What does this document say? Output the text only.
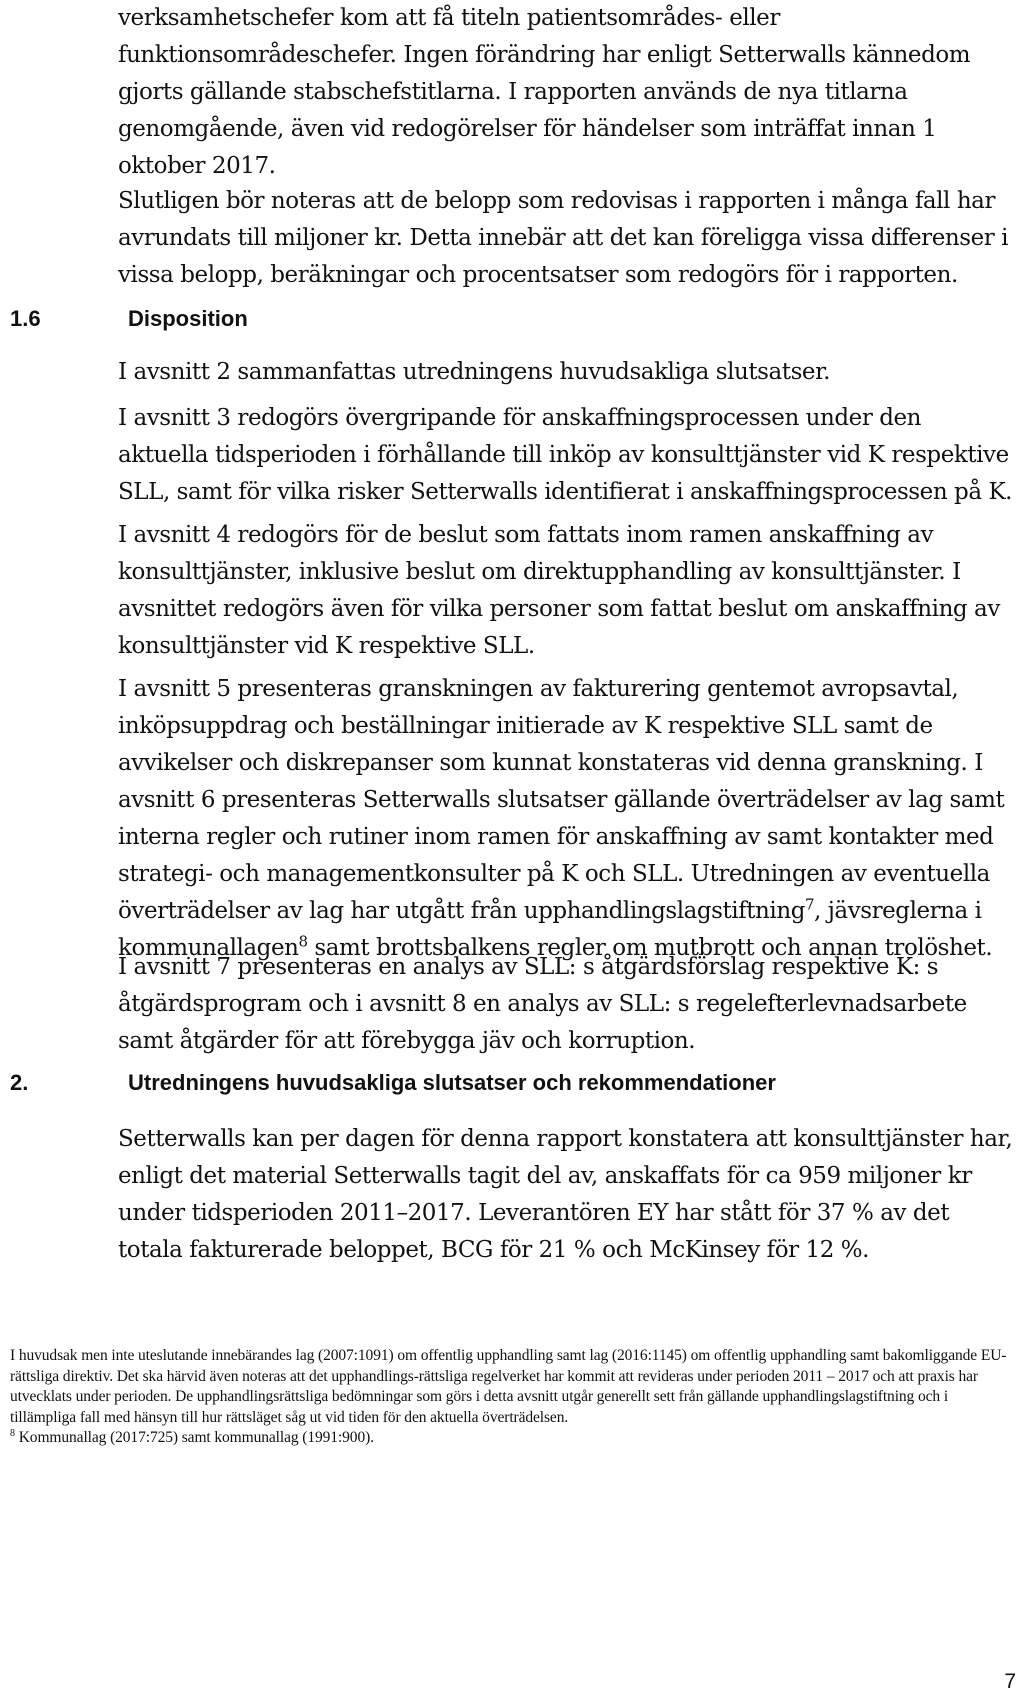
verksamhetschefer kom att få titeln patientsområdes- eller funktionsområdeschefer. Ingen förändring har enligt Setterwalls kännedom gjorts gällande stabschefstitlarna. I rapporten används de nya titlarna genomgående, även vid redogörelser för händelser som inträffat innan 1 oktober 2017.

Slutligen bör noteras att de belopp som redovisas i rapporten i många fall har avrundats till miljoner kr. Detta innebär att det kan föreligga vissa differenser i vissa belopp, beräkningar och procentsatser som redogörs för i rapporten.

1.6	Disposition

I avsnitt 2 sammanfattas utredningens huvudsakliga slutsatser.

I avsnitt 3 redogörs övergripande för anskaffningsprocessen under den aktuella tidsperioden i förhållande till inköp av konsulttjänster vid K respektive SLL, samt för vilka risker Setterwalls identifierat i anskaffningsprocessen på K.

I avsnitt 4 redogörs för de beslut som fattats inom ramen anskaffning av konsulttjänster, inklusive beslut om direktupphandling av konsulttjänster. I avsnittet redogörs även för vilka personer som fattat beslut om anskaffning av konsulttjänster vid K respektive SLL.

I avsnitt 5 presenteras granskningen av fakturering gentemot avropsavtal, inköpsuppdrag och beställningar initierade av K respektive SLL samt de avvikelser och diskrepanser som kunnat konstateras vid denna granskning. I avsnitt 6 presenteras Setterwalls slutsatser gällande överträdelser av lag samt interna regler och rutiner inom ramen för anskaffning av samt kontakter med strategi- och managementkonsulter på K och SLL. Utredningen av eventuella överträdelser av lag har utgått från upphandlingslagstiftning$^7$, jävsreglerna i kommunallagen$^8$ samt brottsbalkens regler om mutbrott och annan trolöshet.

I avsnitt 7 presenteras en analys av SLL: s åtgärdsförslag respektive K: s åtgärdsprogram och i avsnitt 8 en analys av SLL: s regelefterlevnadsarbete samt åtgärder för att förebygga jäv och korruption.

2.	Utredningens huvudsakliga slutsatser och rekommendationer

Setterwalls kan per dagen för denna rapport konstatera att konsulttjänster har, enligt det material Setterwalls tagit del av, anskaffats för ca 959 miljoner kr under tidsperioden 2011–2017. Leverantören EY har stått för 37 % av det totala fakturerade beloppet, BCG för 21 % och McKinsey för 12 %.

I huvudsak men inte uteslutande innebärandes lag (2007:1091) om offentlig upphandling samt lag (2016:1145) om offentlig upphandling samt bakomliggande EU-rättsliga direktiv. Det ska härvid även noteras att det upphandlings-rättsliga regelverket har kommit att revideras under perioden 2011 – 2017 och att praxis har utvecklats under perioden. De upphandlingsrättsliga bedömningar som görs i detta avsnitt utgår generellt sett från gällande upphandlingslagstiftning och i tillämpliga fall med hänsyn till hur rättsläget såg ut vid tiden för den aktuella överträdelsen.

$^8$ Kommunallag (2017:725) samt kommunallag (1991:900).

7
